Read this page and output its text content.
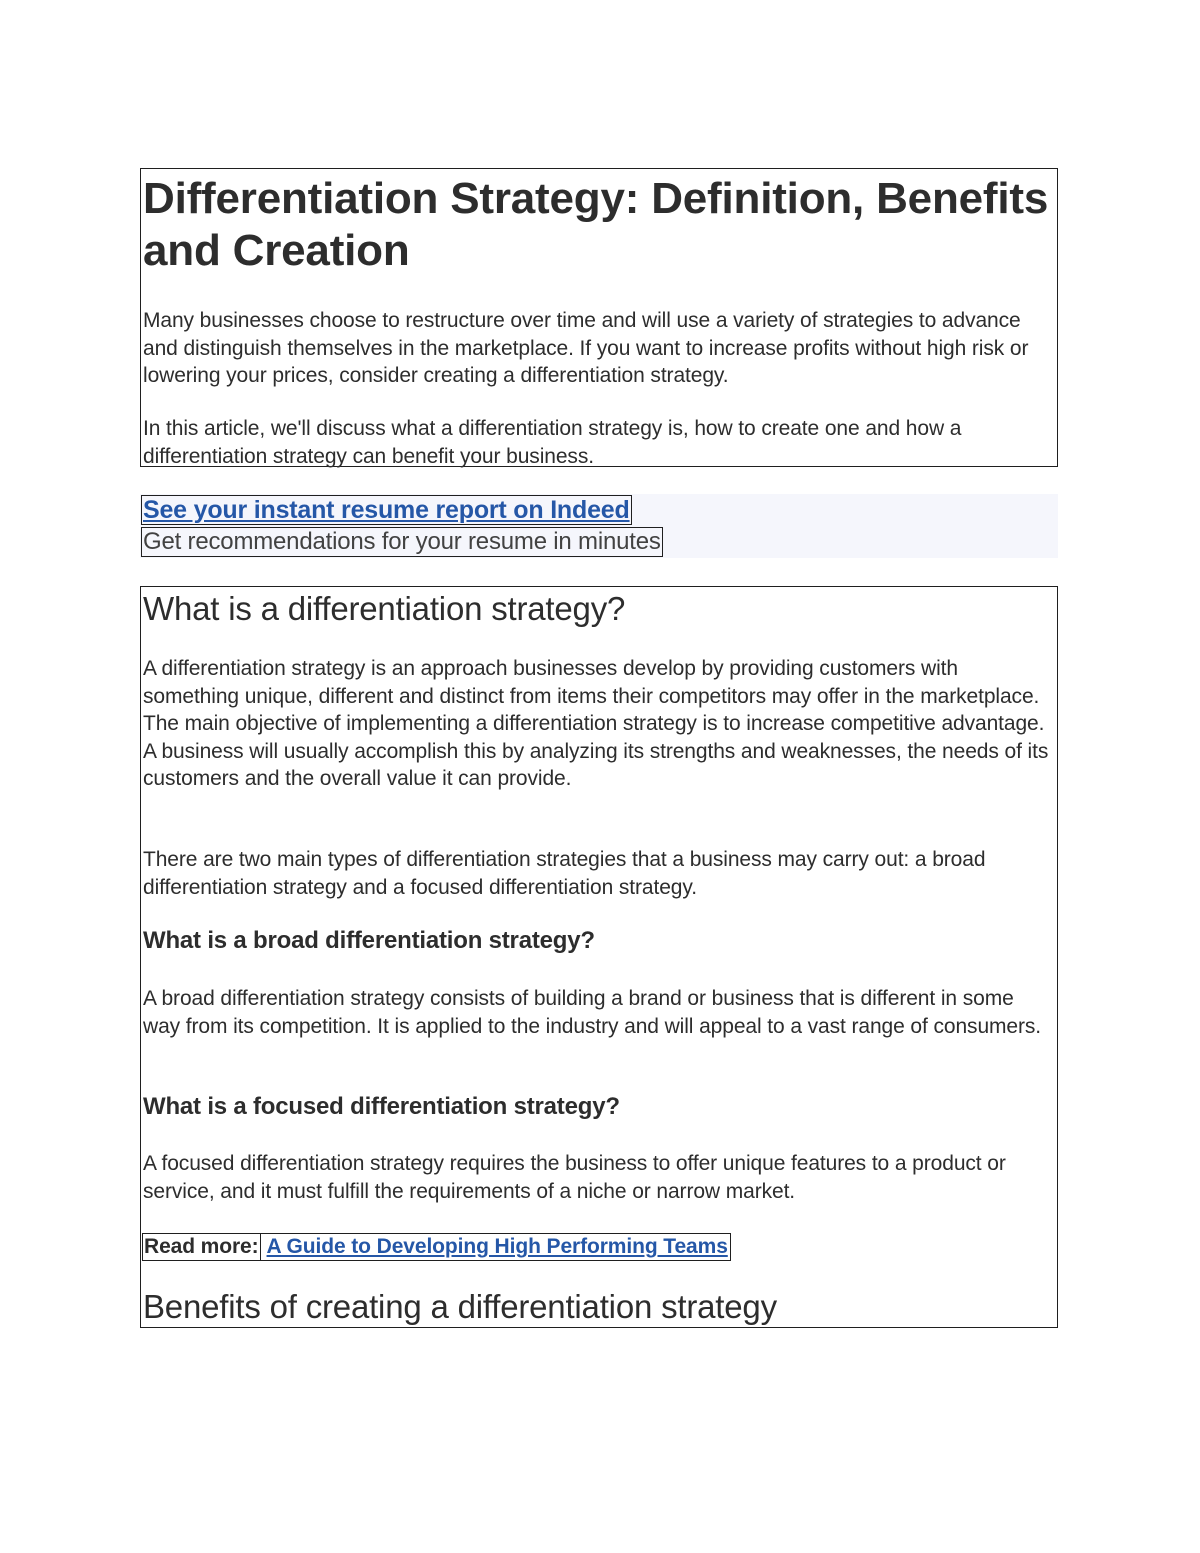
Differentiation Strategy: Definition, Benefits and Creation

Many businesses choose to restructure over time and will use a variety of strategies to advance and distinguish themselves in the marketplace. If you want to increase profits without high risk or lowering your prices, consider creating a differentiation strategy.

In this article, we'll discuss what a differentiation strategy is, how to create one and how a differentiation strategy can benefit your business.

See your instant resume report on Indeed
Get recommendations for your resume in minutes
What is a differentiation strategy?

A differentiation strategy is an approach businesses develop by providing customers with something unique, different and distinct from items their competitors may offer in the marketplace. The main objective of implementing a differentiation strategy is to increase competitive advantage. A business will usually accomplish this by analyzing its strengths and weaknesses, the needs of its customers and the overall value it can provide.

There are two main types of differentiation strategies that a business may carry out: a broad differentiation strategy and a focused differentiation strategy.

What is a broad differentiation strategy?

A broad differentiation strategy consists of building a brand or business that is different in some way from its competition. It is applied to the industry and will appeal to a vast range of consumers.

What is a focused differentiation strategy?

A focused differentiation strategy requires the business to offer unique features to a product or service, and it must fulfill the requirements of a niche or narrow market.

Read more: A Guide to Developing High Performing Teams
Benefits of creating a differentiation strategy
